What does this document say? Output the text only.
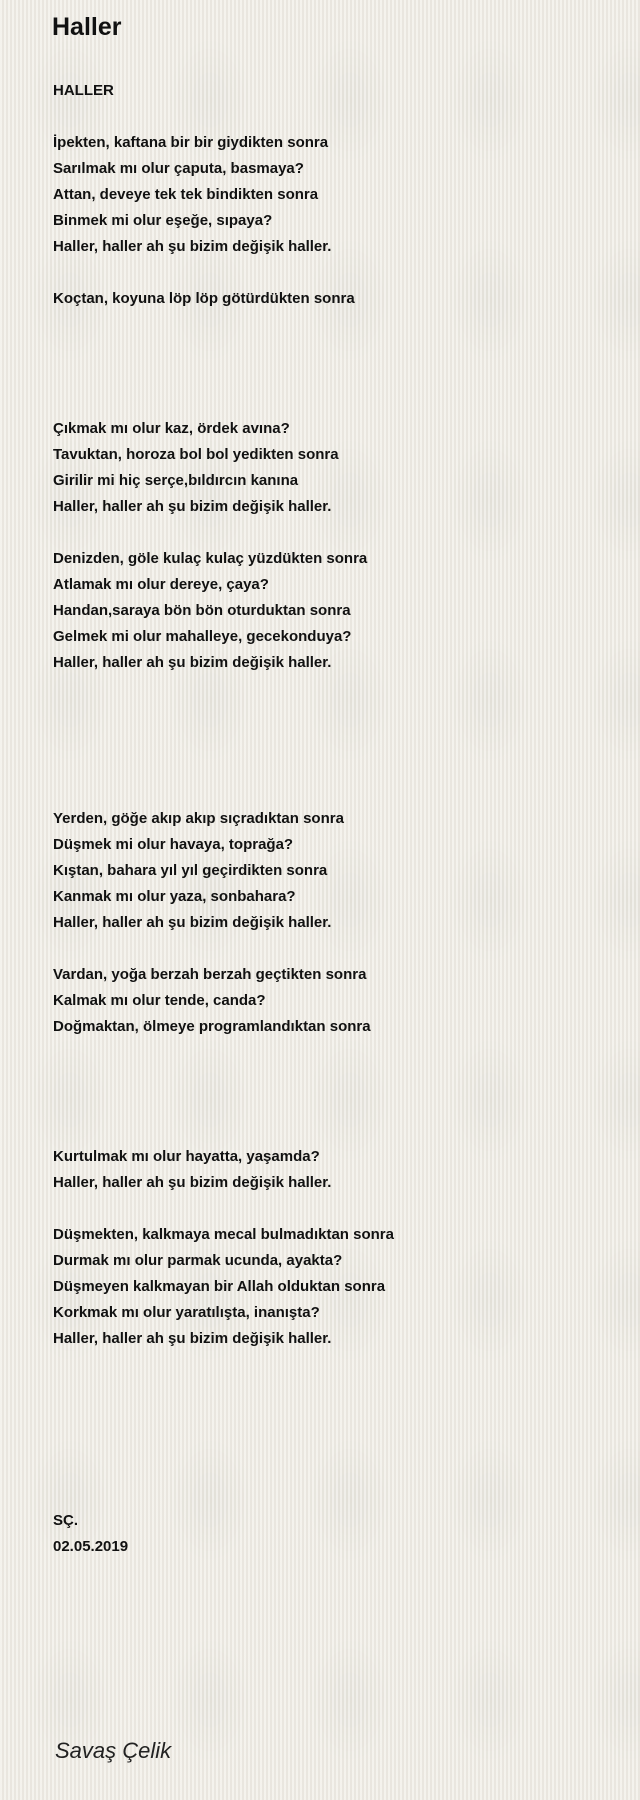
Haller
HALLER
İpekten, kaftana bir bir giydikten sonra
Sarılmak mı olur çaputa, basmaya?
Attan, deveye tek tek bindikten sonra
Binmek mi olur eşeğe, sıpaya?
Haller, haller ah şu bizim değişik haller.
Koçtan, koyuna löp löp götürdükten sonra
Çıkmak mı olur kaz, ördek avına?
Tavuktan, horoza bol bol yedikten sonra
Girilir mi hiç serçe,bıldırcın kanına
Haller, haller ah şu bizim değişik haller.
Denizden, göle kulaç kulaç yüzdükten sonra
Atlamak mı olur dereye, çaya?
Handan,saraya bön bön oturduktan sonra
Gelmek mi olur mahalleye, gecekonduya?
Haller, haller ah şu bizim değişik haller.
Yerden, göğe akıp akıp sıçradıktan sonra
Düşmek mi olur havaya, toprağa?
Kıştan, bahara yıl yıl geçirdikten sonra
Kanmak mı olur yaza, sonbahara?
Haller, haller ah şu bizim değişik haller.
Vardan, yoğa berzah berzah geçtikten sonra
Kalmak mı olur tende, canda?
Doğmaktan, ölmeye programlandıktan sonra
Kurtulmak mı olur hayatta, yaşamda?
Haller, haller ah şu bizim değişik haller.
Düşmekten, kalkmaya mecal bulmadıktan sonra
Durmak mı olur parmak ucunda, ayakta?
Düşmeyen kalkmayan bir Allah olduktan sonra
Korkmak mı olur yaratılışta, inanışta?
Haller, haller ah şu bizim değişik haller.
SÇ.
02.05.2019
Savaş Çelik
